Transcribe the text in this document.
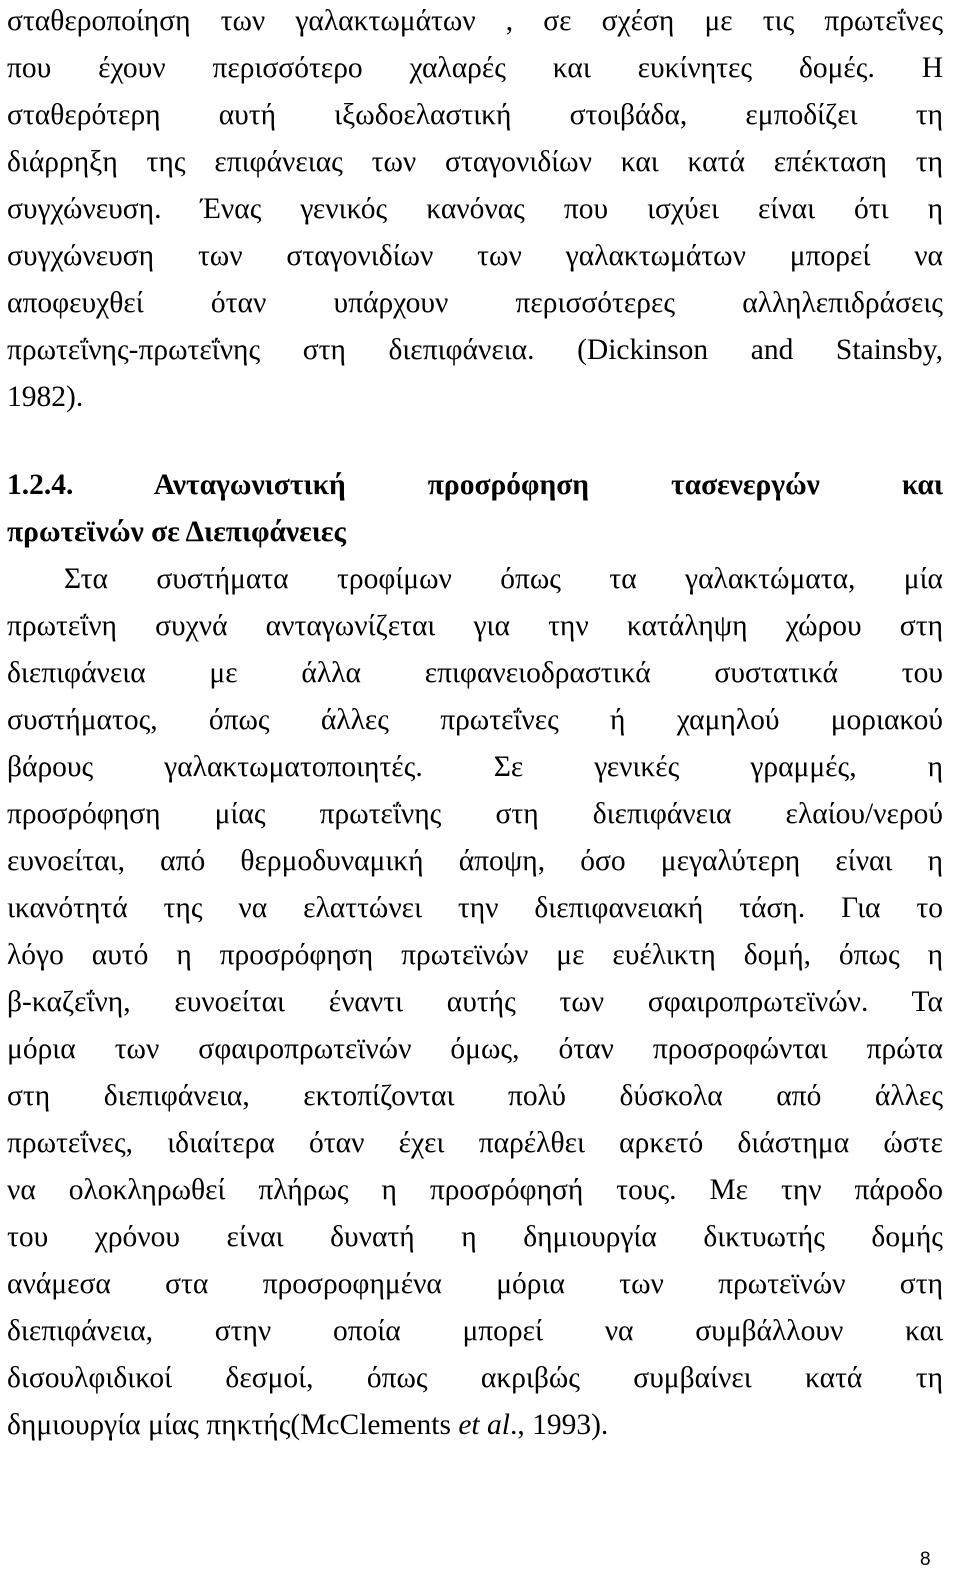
σταθεροποίηση των γαλακτωμάτων , σε σχέση με τις πρωτεΐνες
που έχουν περισσότερο χαλαρές και ευκίνητες δομές. Η
σταθερότερη αυτή ιξωδοελαστική στοιβάδα, εμποδίζει τη
διάρρηξη της επιφάνειας των σταγονιδίων και κατά επέκταση τη
συγχώνευση. Ένας γενικός κανόνας που ισχύει είναι ότι η
συγχώνευση των σταγονιδίων των γαλακτωμάτων μπορεί να
αποφευχθεί όταν υπάρχουν περισσότερες αλληλεπιδράσεις
πρωτεΐνης-πρωτεΐνης στη διεπιφάνεια. (Dickinson and Stainsby,
1982).
1.2.4. Ανταγωνιστική προσρόφηση τασενεργών και
πρωτεϊνών σε Διεπιφάνειες
Στα συστήματα τροφίμων όπως τα γαλακτώματα, μία
πρωτεΐνη συχνά ανταγωνίζεται για την κατάληψη χώρου στη
διεπιφάνεια με άλλα επιφανειοδραστικά συστατικά του
συστήματος, όπως άλλες πρωτεΐνες ή χαμηλού μοριακού
βάρους γαλακτωματοποιητές. Σε γενικές γραμμές, η
προσρόφηση μίας πρωτεΐνης στη διεπιφάνεια ελαίου/νερού
ευνοείται, από θερμοδυναμική άποψη, όσο μεγαλύτερη είναι η
ικανότητά της να ελαττώνει την διεπιφανειακή τάση. Για το
λόγο αυτό η προσρόφηση πρωτεϊνών με ευέλικτη δομή, όπως η
β-καζεΐνη, ευνοείται έναντι αυτής των σφαιροπρωτεϊνών. Τα
μόρια των σφαιροπρωτεϊνών όμως, όταν προσροφώνται πρώτα
στη διεπιφάνεια, εκτοπίζονται πολύ δύσκολα από άλλες
πρωτεΐνες, ιδιαίτερα όταν έχει παρέλθει αρκετό διάστημα ώστε
να ολοκληρωθεί πλήρως η προσρόφησή τους. Με την πάροδο
του χρόνου είναι δυνατή η δημιουργία δικτυωτής δομής
ανάμεσα στα προσροφημένα μόρια των πρωτεϊνών στη
διεπιφάνεια, στην οποία μπορεί να συμβάλλουν και
δισουλφιδικοί δεσμοί, όπως ακριβώς συμβαίνει κατά τη
δημιουργία μίας πηκτής(McClements et al., 1993).
8
